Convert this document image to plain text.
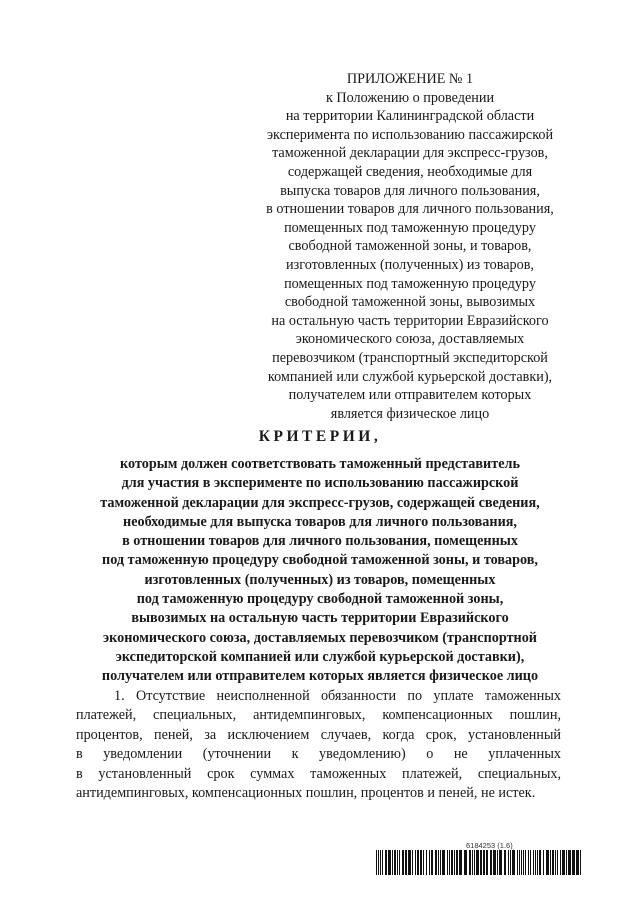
ПРИЛОЖЕНИЕ № 1
к Положению о проведении
на территории Калининградской области
эксперимента по использованию пассажирской
таможенной декларации для экспресс-грузов,
содержащей сведения, необходимые для
выпуска товаров для личного пользования,
в отношении товаров для личного пользования,
помещенных под таможенную процедуру
свободной таможенной зоны, и товаров,
изготовленных (полученных) из товаров,
помещенных под таможенную процедуру
свободной таможенной зоны, вывозимых
на остальную часть территории Евразийского
экономического союза, доставляемых
перевозчиком (транспортный экспедиторской
компанией или службой курьерской доставки),
получателем или отправителем которых
является физическое лицо
КРИТЕРИИ,
которым должен соответствовать таможенный представитель
для участия в эксперименте по использованию пассажирской
таможенной декларации для экспресс-грузов, содержащей сведения,
необходимые для выпуска товаров для личного пользования,
в отношении товаров для личного пользования, помещенных
под таможенную процедуру свободной таможенной зоны, и товаров,
изготовленных (полученных) из товаров, помещенных
под таможенную процедуру свободной таможенной зоны,
вывозимых на остальную часть территории Евразийского
экономического союза, доставляемых перевозчиком (транспортной
экспедиторской компанией или службой курьерской доставки),
получателем или отправителем которых является физическое лицо
1. Отсутствие неисполненной обязанности по уплате таможенных
платежей, специальных, антидемпинговых, компенсационных пошлин,
процентов, пеней, за исключением случаев, когда срок, установленный
в уведомлении (уточнении к уведомлению) о не уплаченных
в установленный срок суммах таможенных платежей, специальных,
антидемпинговых, компенсационных пошлин, процентов и пеней, не истек.
6184253 (1.6)
